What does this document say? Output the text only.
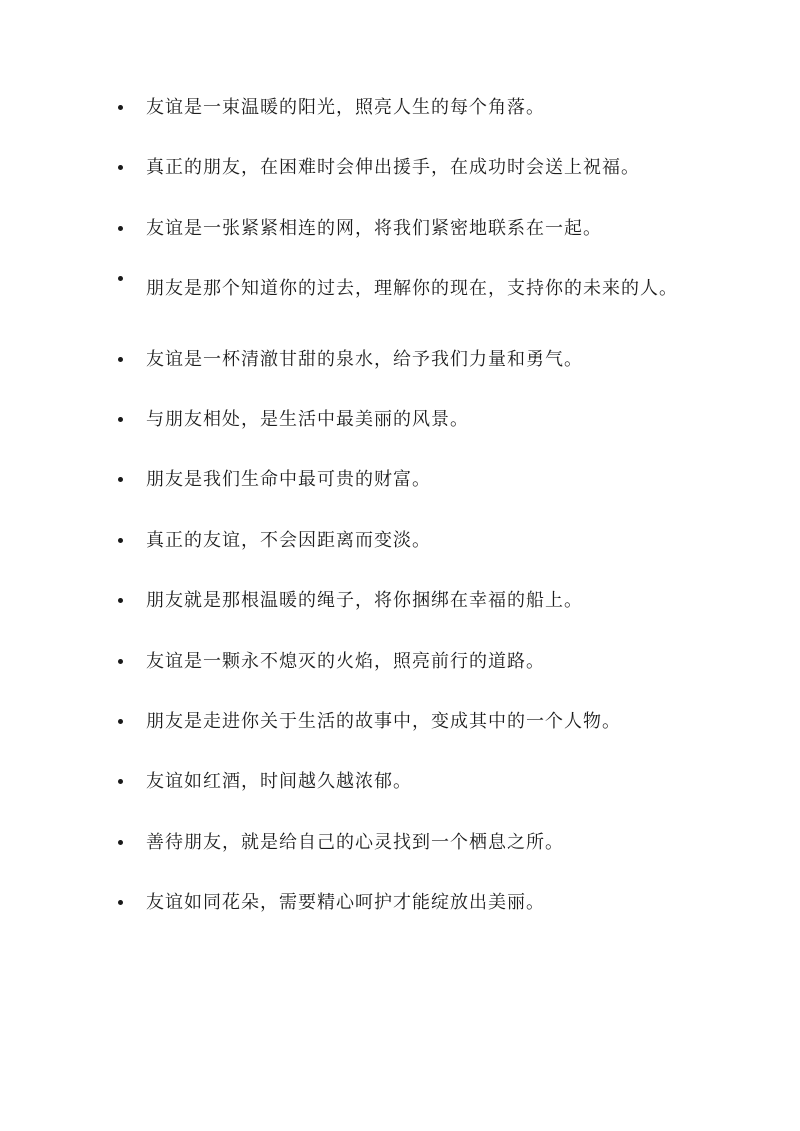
友谊是一束温暖的阳光，照亮人生的每个角落。
真正的朋友，在困难时会伸出援手，在成功时会送上祝福。
友谊是一张紧紧相连的网，将我们紧密地联系在一起。
朋友是那个知道你的过去，理解你的现在，支持你的未来的人。
友谊是一杯清澈甘甜的泉水，给予我们力量和勇气。
与朋友相处，是生活中最美丽的风景。
朋友是我们生命中最可贵的财富。
真正的友谊，不会因距离而变淡。
朋友就是那根温暖的绳子，将你捆绑在幸福的船上。
友谊是一颗永不熄灭的火焰，照亮前行的道路。
朋友是走进你关于生活的故事中，变成其中的一个人物。
友谊如红酒，时间越久越浓郁。
善待朋友，就是给自己的心灵找到一个栖息之所。
友谊如同花朵，需要精心呵护才能绽放出美丽。
